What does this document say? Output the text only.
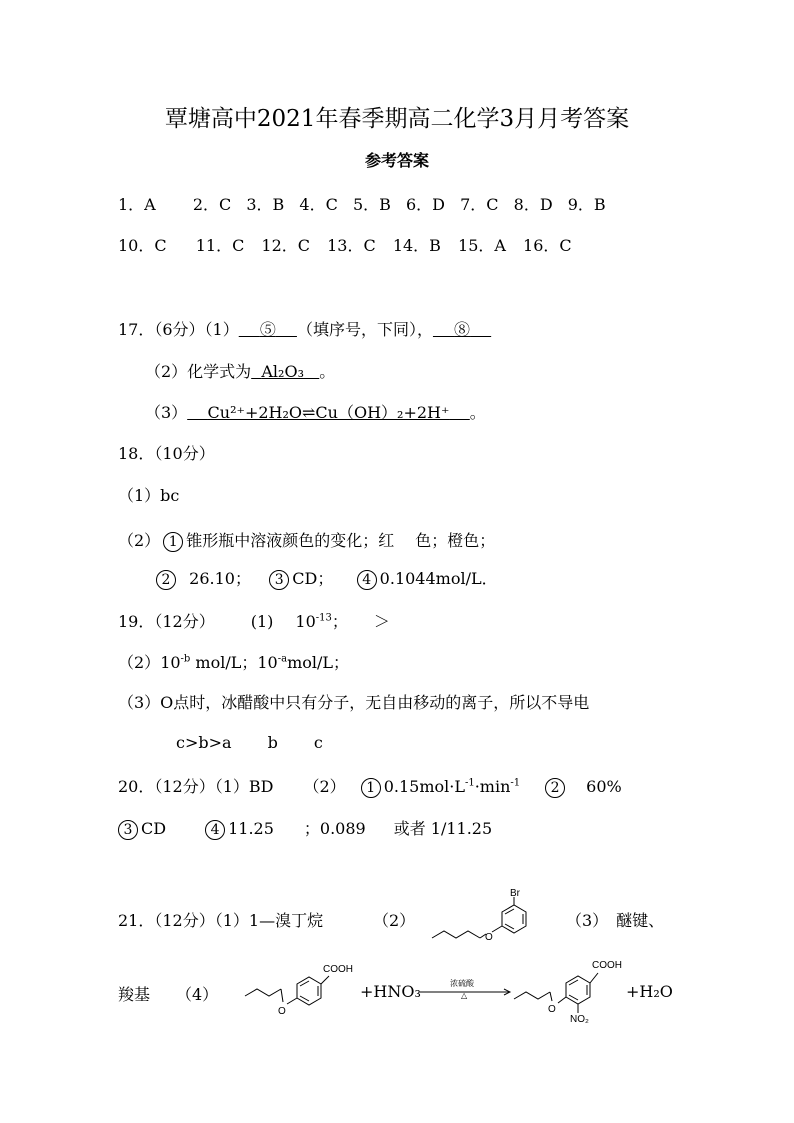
覃塘高中2021年春季期高二化学3月月考答案
参考答案
1．A 2．C 3．B 4．C 5．B 6．D 7．C 8．D 9．B
10．C 11．C 12．C 13．C 14．B 15．A 16．C
17．（6分）（1）  ⑤   （填序号，下同），  ⑧  
（2）化学式为 Al₂O₃ 。
（3） Cu²⁺+2H₂O⇌Cu（OH）₂+2H⁺ 。
18．（10分）
（1）bc
（2） 1 锥形瓶中溶液颜色的变化；红　 色；橙色；
2 26.10； 3 CD； 4 0.1044mol/L．
19．（12分） (1) $10^{-13}$； ＞
$(2)10^{-b}$ mol/L；$10^{-a}mol/L$；
（3）O点时，冰醋酸中只有分子，无自由移动的离子，所以不导电
c>b>a b c
20．（12分）（1）BD （2） 1 $0.15mol\cdot L^{-1}\cdot\min^{-1}$ 2 60%
3 CD	4 11.25 ；0.089 或者 1/11.25
21．（12分）（1）1—溴丁烷	（2）
O
Br
（3）　醚键、
羧基 （4）
O
COOH
+HNO₃	浓硫酸
△
O
COOH
NO₂
+H₂O
